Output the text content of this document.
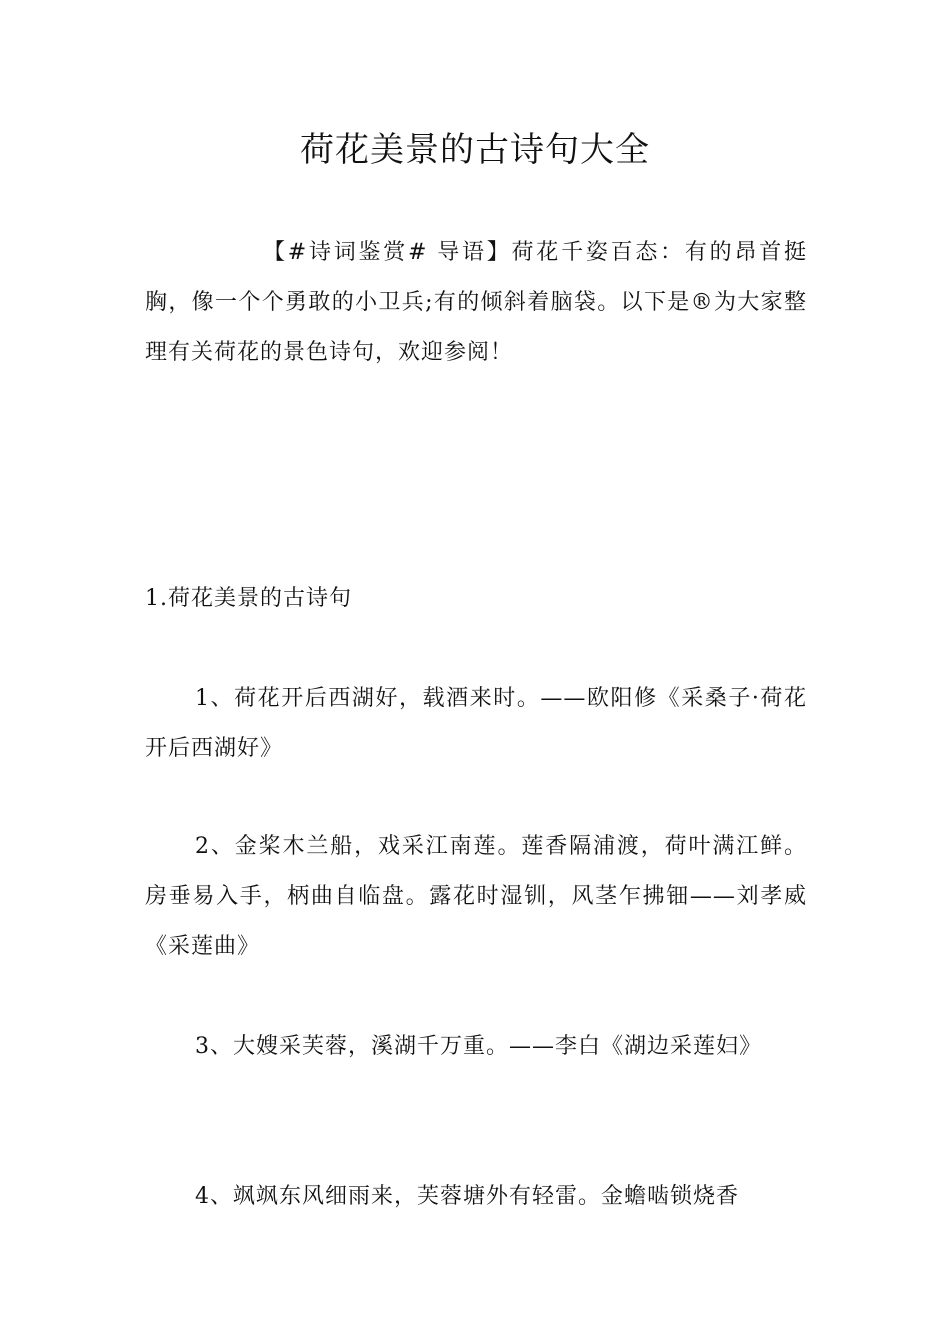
荷花美景的古诗句大全

【#诗词鉴赏# 导语】荷花千姿百态：有的昂首挺胸，像一个个勇敢的小卫兵;有的倾斜着脑袋。以下是®为大家整理有关荷花的景色诗句，欢迎参阅！

1.荷花美景的古诗句

1、荷花开后西湖好，载酒来时。——欧阳修《采桑子·荷花开后西湖好》

2、金桨木兰船，戏采江南莲。莲香隔浦渡，荷叶满江鲜。房垂易入手，柄曲自临盘。露花时湿钏，风茎乍拂钿——刘孝威《采莲曲》

3、大嫂采芙蓉，溪湖千万重。——李白《湖边采莲妇》

4、飒飒东风细雨来，芙蓉塘外有轻雷。金蟾啮锁烧香
